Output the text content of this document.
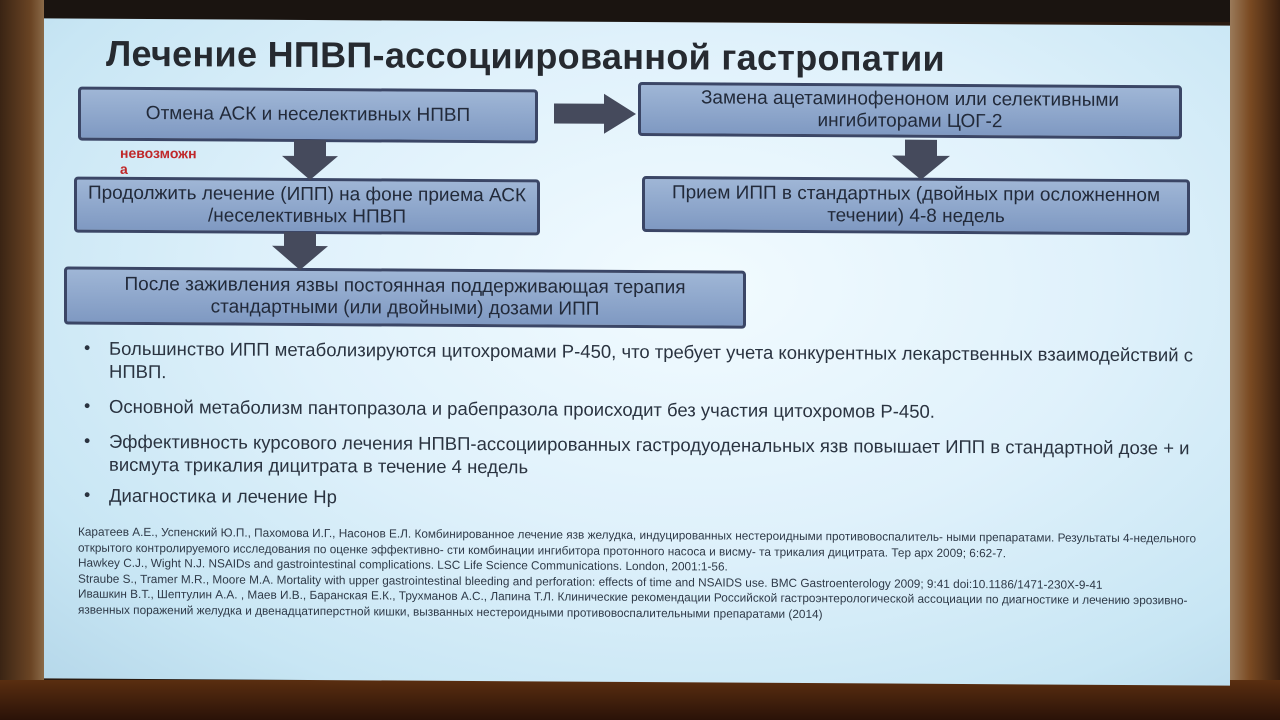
Лечение НПВП-ассоциированной гастропатии
Отмена АСК и неселективных НПВП
Замена ацетаминофеноном или селективными ингибиторами ЦОГ-2
Продолжить лечение (ИПП) на фоне приема АСК /неселективных НПВП
Прием ИПП в стандартных (двойных при осложненном течении) 4-8 недель
После заживления язвы постоянная поддерживающая терапия стандартными (или двойными) дозами ИПП
невозможн
а
• Большинство ИПП метаболизируются цитохромами Р-450, что требует учета конкурентных лекарственных взаимодействий с НПВП.
• Основной метаболизм пантопразола и рабепразола происходит без участия цитохромов Р-450.
• Эффективность курсового лечения НПВП-ассоциированных гастродуоденальных язв повышает ИПП в стандартной дозе + и висмута трикалия дицитрата в течение 4 недель
• Диагностика и лечение Нр

Каратеев А.Е., Успенский Ю.П., Пахомова И.Г., Насонов Е.Л. Комбинированное лечение язв желудка, индуцированных нестероидными противовоспалитель- ными препаратами. Результаты 4-недельного открытого контролируемого исследования по оценке эффективно- сти комбинации ингибитора протонного насоса и висму- та трикалия дицитрата. Тер арх 2009; 6:62-7.

Hawkey C.J., Wight N.J. NSAIDs and gastrointestinal complications. LSC Life Science Communications. London, 2001:1-56.

Straube S., Tramer M.R., Moore M.A. Mortality with upper gastrointestinal bleeding and perforation: effects of time and NSAIDS use. BMC Gastroenterology 2009; 9:41 doi:10.1186/1471-230X-9-41

Ивашкин В.Т., Шептулин А.А. , Маев И.В., Баранская Е.К., Трухманов А.С., Лапина Т.Л. Клинические рекомендации Российской гастроэнтерологической ассоциации по диагностике и лечению эрозивно- язвенных поражений желудка и двенадцатиперстной кишки, вызванных нестероидными противовоспалительными препаратами (2014)
